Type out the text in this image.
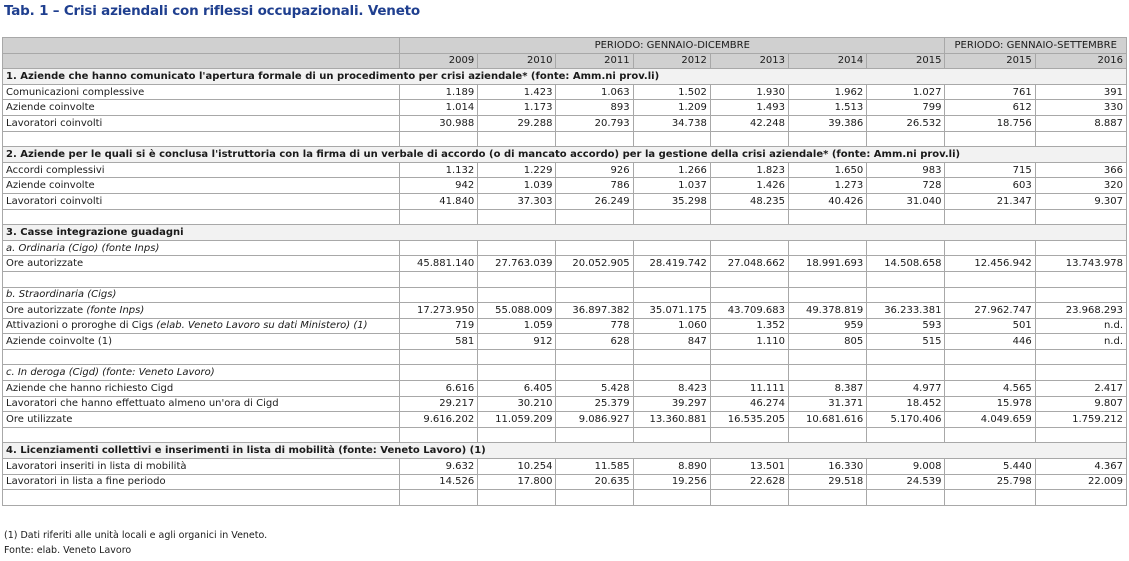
Tab. 1 – Crisi aziendali con riflessi occupazionali. Veneto
	PERIODO: GENNAIO-DICEMBRE							PERIODO: GENNAIO-SETTEMBRE	
	2009	2010	2011	2012	2013	2014	2015	2015	2016
1. Aziende che hanno comunicato l'apertura formale di un procedimento per crisi aziendale* (fonte: Amm.ni prov.li)									
Comunicazioni complessive	1.189	1.423	1.063	1.502	1.930	1.962	1.027	761	391
Aziende coinvolte	1.014	1.173	893	1.209	1.493	1.513	799	612	330
Lavoratori coinvolti	30.988	29.288	20.793	34.738	42.248	39.386	26.532	18.756	8.887

2. Aziende per le quali si è conclusa l'istruttoria con la firma di un verbale di accordo (o di mancato accordo) per la gestione della crisi aziendale* (fonte: Amm.ni prov.li)									
Accordi complessivi	1.132	1.229	926	1.266	1.823	1.650	983	715	366
Aziende coinvolte	942	1.039	786	1.037	1.426	1.273	728	603	320
Lavoratori coinvolti	41.840	37.303	26.249	35.298	48.235	40.426	31.040	21.347	9.307

3. Casse integrazione guadagni									
a. Ordinaria (Cigo) (fonte Inps)									
Ore autorizzate	45.881.140	27.763.039	20.052.905	28.419.742	27.048.662	18.991.693	14.508.658	12.456.942	13.743.978

b. Straordinaria (Cigs)									
Ore autorizzate (fonte Inps)	17.273.950	55.088.009	36.897.382	35.071.175	43.709.683	49.378.819	36.233.381	27.962.747	23.968.293
Attivazioni o proroghe di Cigs (elab. Veneto Lavoro su dati Ministero) (1)	719	1.059	778	1.060	1.352	959	593	501	n.d.
Aziende coinvolte (1)	581	912	628	847	1.110	805	515	446	n.d.

c. In deroga (Cigd) (fonte: Veneto Lavoro)									
Aziende che hanno richiesto Cigd	6.616	6.405	5.428	8.423	11.111	8.387	4.977	4.565	2.417
Lavoratori che hanno effettuato almeno un'ora di Cigd	29.217	30.210	25.379	39.297	46.274	31.371	18.452	15.978	9.807
Ore utilizzate	9.616.202	11.059.209	9.086.927	13.360.881	16.535.205	10.681.616	5.170.406	4.049.659	1.759.212

4. Licenziamenti collettivi e inserimenti in lista di mobilità (fonte: Veneto Lavoro) (1)									
Lavoratori inseriti in lista di mobilità	9.632	10.254	11.585	8.890	13.501	16.330	9.008	5.440	4.367
Lavoratori in lista a fine periodo	14.526	17.800	20.635	19.256	22.628	29.518	24.539	25.798	22.009

(1) Dati riferiti alle unità locali e agli organici in Veneto.
Fonte: elab. Veneto Lavoro
